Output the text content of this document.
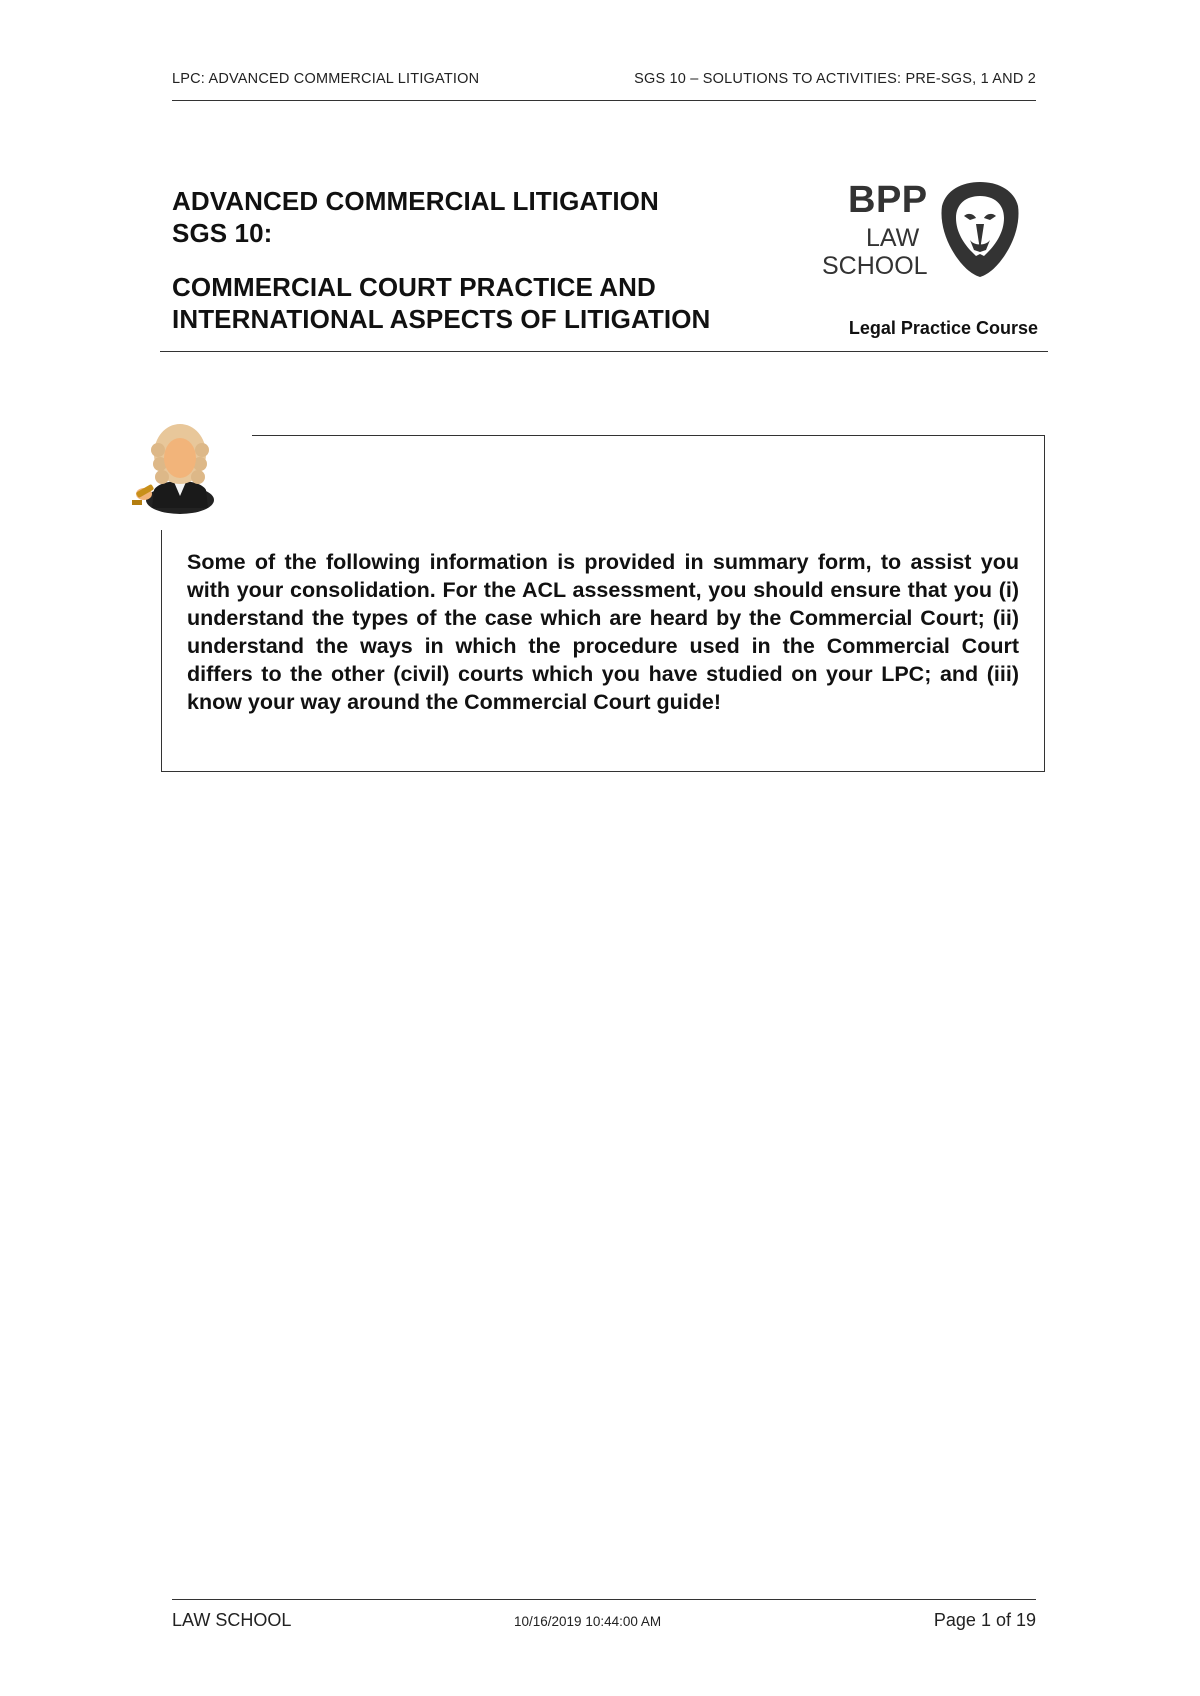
LPC: ADVANCED COMMERCIAL LITIGATION	SGS 10 – SOLUTIONS TO ACTIVITIES: PRE-SGS, 1 AND 2
ADVANCED COMMERCIAL LITIGATION
SGS 10:
COMMERCIAL COURT PRACTICE AND
INTERNATIONAL ASPECTS OF LITIGATION
BPP
LAW
SCHOOL
Legal Practice Course
Some of the following information is provided in summary form, to assist you with your consolidation. For the ACL assessment, you should ensure that you (i) understand the types of the case which are heard by the Commercial Court; (ii) understand the ways in which the procedure used in the Commercial Court differs to the other (civil) courts which you have studied on your LPC; and (iii) know your way around the Commercial Court guide!
LAW SCHOOL	10/16/2019 10:44:00 AM	Page 1 of 19
